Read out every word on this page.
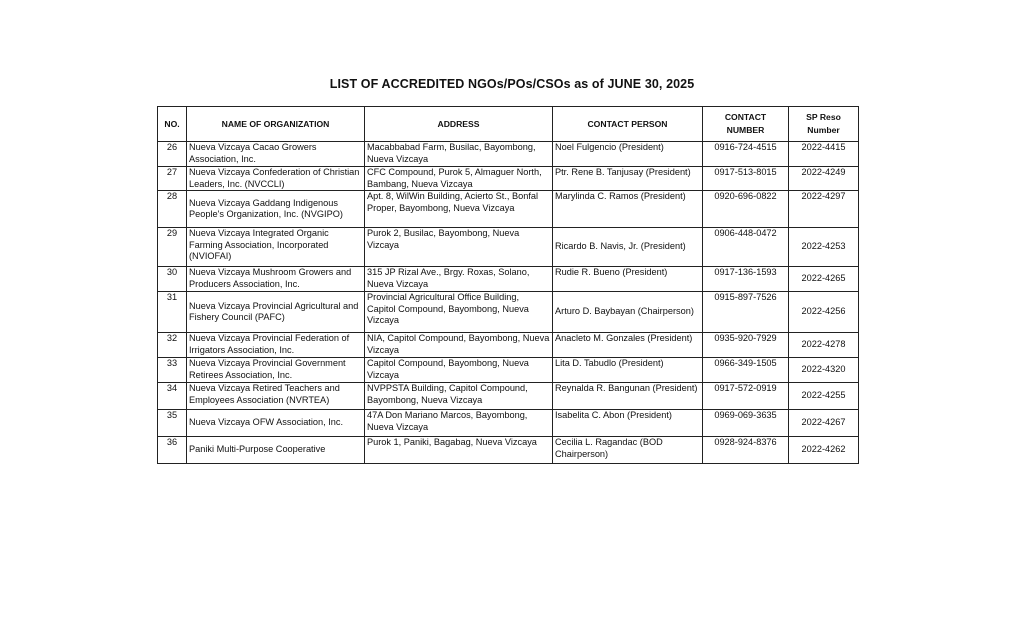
LIST OF ACCREDITED NGOs/POs/CSOs as of JUNE 30, 2025
NO.	NAME OF ORGANIZATION	ADDRESS	CONTACT PERSON	CONTACT NUMBER	SP Reso Number
26	Nueva Vizcaya Cacao Growers Association, Inc.	Macabbabad Farm, Busilac, Bayombong, Nueva Vizcaya	Noel Fulgencio (President)	0916-724-4515	2022-4415
27	Nueva Vizcaya Confederation of Christian Leaders, Inc. (NVCCLI)	CFC Compound, Purok 5, Almaguer North, Bambang, Nueva Vizcaya	Ptr. Rene B. Tanjusay (President)	0917-513-8015	2022-4249
28	Nueva Vizcaya Gaddang Indigenous People's Organization, Inc. (NVGIPO)	Apt. 8, WilWin Building, Acierto St., Bonfal Proper, Bayombong, Nueva Vizcaya	Marylinda C. Ramos (President)	0920-696-0822	2022-4297
29	Nueva Vizcaya Integrated Organic Farming Association, Incorporated (NVIOFAI)	Purok 2, Busilac, Bayombong, Nueva Vizcaya	Ricardo B. Navis, Jr. (President)	0906-448-0472	2022-4253
30	Nueva Vizcaya Mushroom Growers and Producers Association, Inc.	315 JP Rizal Ave., Brgy. Roxas, Solano, Nueva Vizcaya	Rudie R. Bueno (President)	0917-136-1593	2022-4265
31	Nueva Vizcaya Provincial Agricultural and Fishery Council (PAFC)	Provincial Agricultural Office Building, Capitol Compound, Bayombong, Nueva Vizcaya	Arturo D. Baybayan (Chairperson)	0915-897-7526	2022-4256
32	Nueva Vizcaya Provincial Federation of Irrigators Association, Inc.	NIA, Capitol Compound, Bayombong, Nueva Vizcaya	Anacleto M. Gonzales (President)	0935-920-7929	2022-4278
33	Nueva Vizcaya Provincial Government Retirees Association, Inc.	Capitol Compound, Bayombong, Nueva Vizcaya	Lita D. Tabudlo (President)	0966-349-1505	2022-4320
34	Nueva Vizcaya Retired Teachers and Employees Association (NVRTEA)	NVPPSTA Building, Capitol Compound, Bayombong, Nueva Vizcaya	Reynalda R. Bangunan (President)	0917-572-0919	2022-4255
35	Nueva Vizcaya OFW Association, Inc.	47A Don Mariano Marcos, Bayombong, Nueva Vizcaya	Isabelita C. Abon (President)	0969-069-3635	2022-4267
36	Paniki Multi-Purpose Cooperative	Purok 1, Paniki, Bagabag, Nueva Vizcaya	Cecilia L. Ragandac (BOD Chairperson)	0928-924-8376	2022-4262
